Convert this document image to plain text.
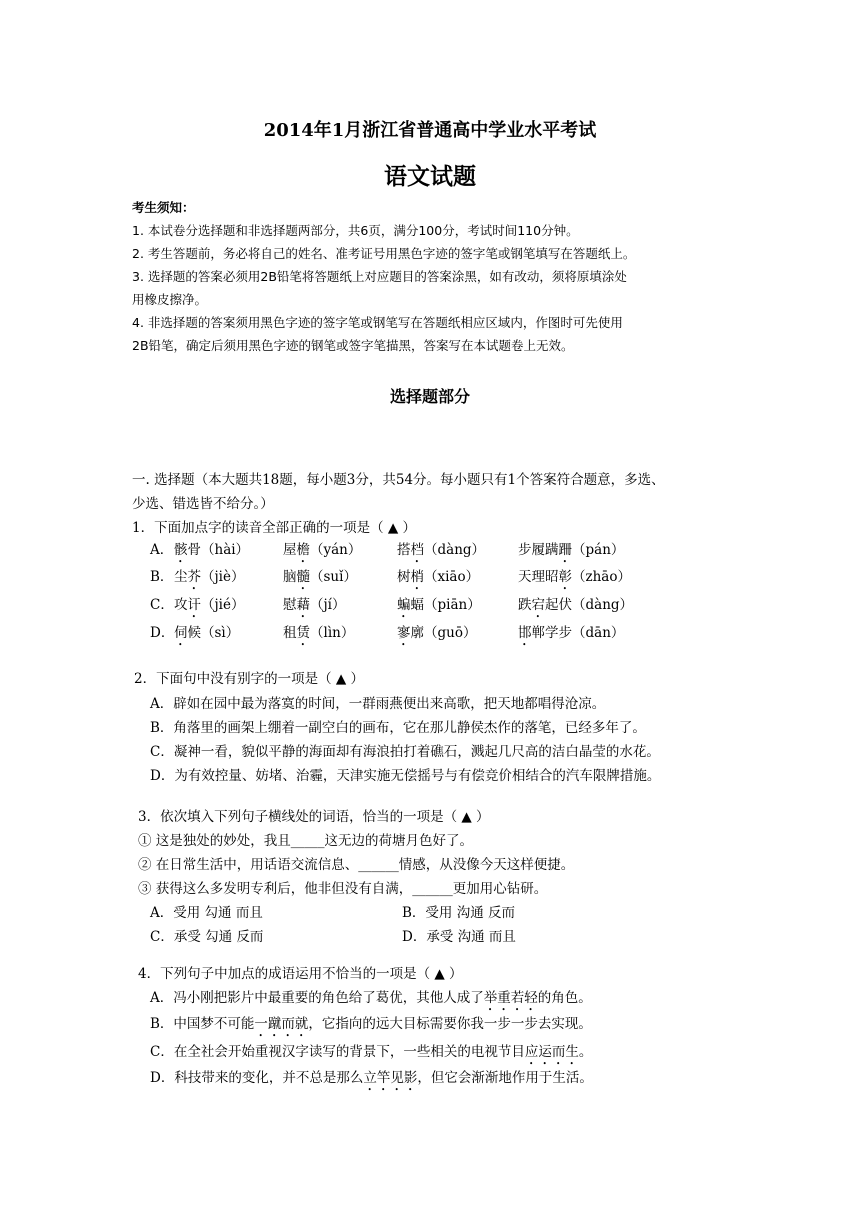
2014年1月浙江省普通高中学业水平考试
语文试题
考生须知：
1. 本试卷分选择题和非选择题两部分，共6页，满分100分，考试时间110分钟。
2. 考生答题前，务必将自己的姓名、准考证号用黑色字迹的签字笔或钢笔填写在答题纸上。
3. 选择题的答案必须用2B铅笔将答题纸上对应题目的答案涂黑，如有改动，须将原填涂处
用橡皮擦净。
4. 非选择题的答案须用黑色字迹的签字笔或钢笔写在答题纸相应区域内，作图时可先使用
2B铅笔，确定后须用黑色字迹的钢笔或签字笔描黑，答案写在本试题卷上无效。
选择题部分
一. 选择题（本大题共18题，每小题3分，共54分。每小题只有1个答案符合题意，多选、
少选、错选皆不给分。）
1．下面加点字的读音全部正确的一项是（ ▲ ）
A． 骸骨（hài）	屋檐（yán）	搭档（dàng） 步履蹒跚（pán）
B． 尘芥（jiè）	脑髓（suǐ）	树梢（xiāo）	天理昭彰（zhāo）
C． 攻讦（jié）	慰藉（jí）	蝙蝠（piān）	跌宕起伏（dàng）
D． 伺候（sì）	租赁（lìn）	寥廓（guō）	邯郸学步（dān）
2．下面句中没有别字的一项是（ ▲ ）
A．辟如在园中最为落寞的时间，一群雨燕便出来高歌，把天地都唱得沧凉。
B．角落里的画架上绷着一副空白的画布，它在那儿静侯杰作的落笔，已经多年了。
C．凝神一看，貌似平静的海面却有海浪拍打着礁石，溅起几尺高的洁白晶莹的水花。
D．为有效控量、妨堵、治霾，天津实施无偿摇号与有偿竞价相结合的汽车限牌措施。
3．依次填入下列句子横线处的词语，恰当的一项是（ ▲ ）
① 这是独处的妙处，我且_____这无边的荷塘月色好了。
② 在日常生活中，用话语交流信息、______情感，从没像今天这样便捷。
③ 获得这么多发明专利后，他非但没有自满，______更加用心钻研。
A．受用 勾通 而且	B．受用 沟通 反而
C．承受 勾通 反而	D．承受 沟通 而且
4．下列句子中加点的成语运用不恰当的一项是（ ▲ ）
A．冯小刚把影片中最重要的角色给了葛优，其他人成了举重若轻的角色。
B．中国梦不可能一蹴而就，它指向的远大目标需要你我一步一步去实现。
C．在全社会开始重视汉字读写的背景下，一些相关的电视节目应运而生。
D．科技带来的变化，并不总是那么立竿见影，但它会渐渐地作用于生活。
